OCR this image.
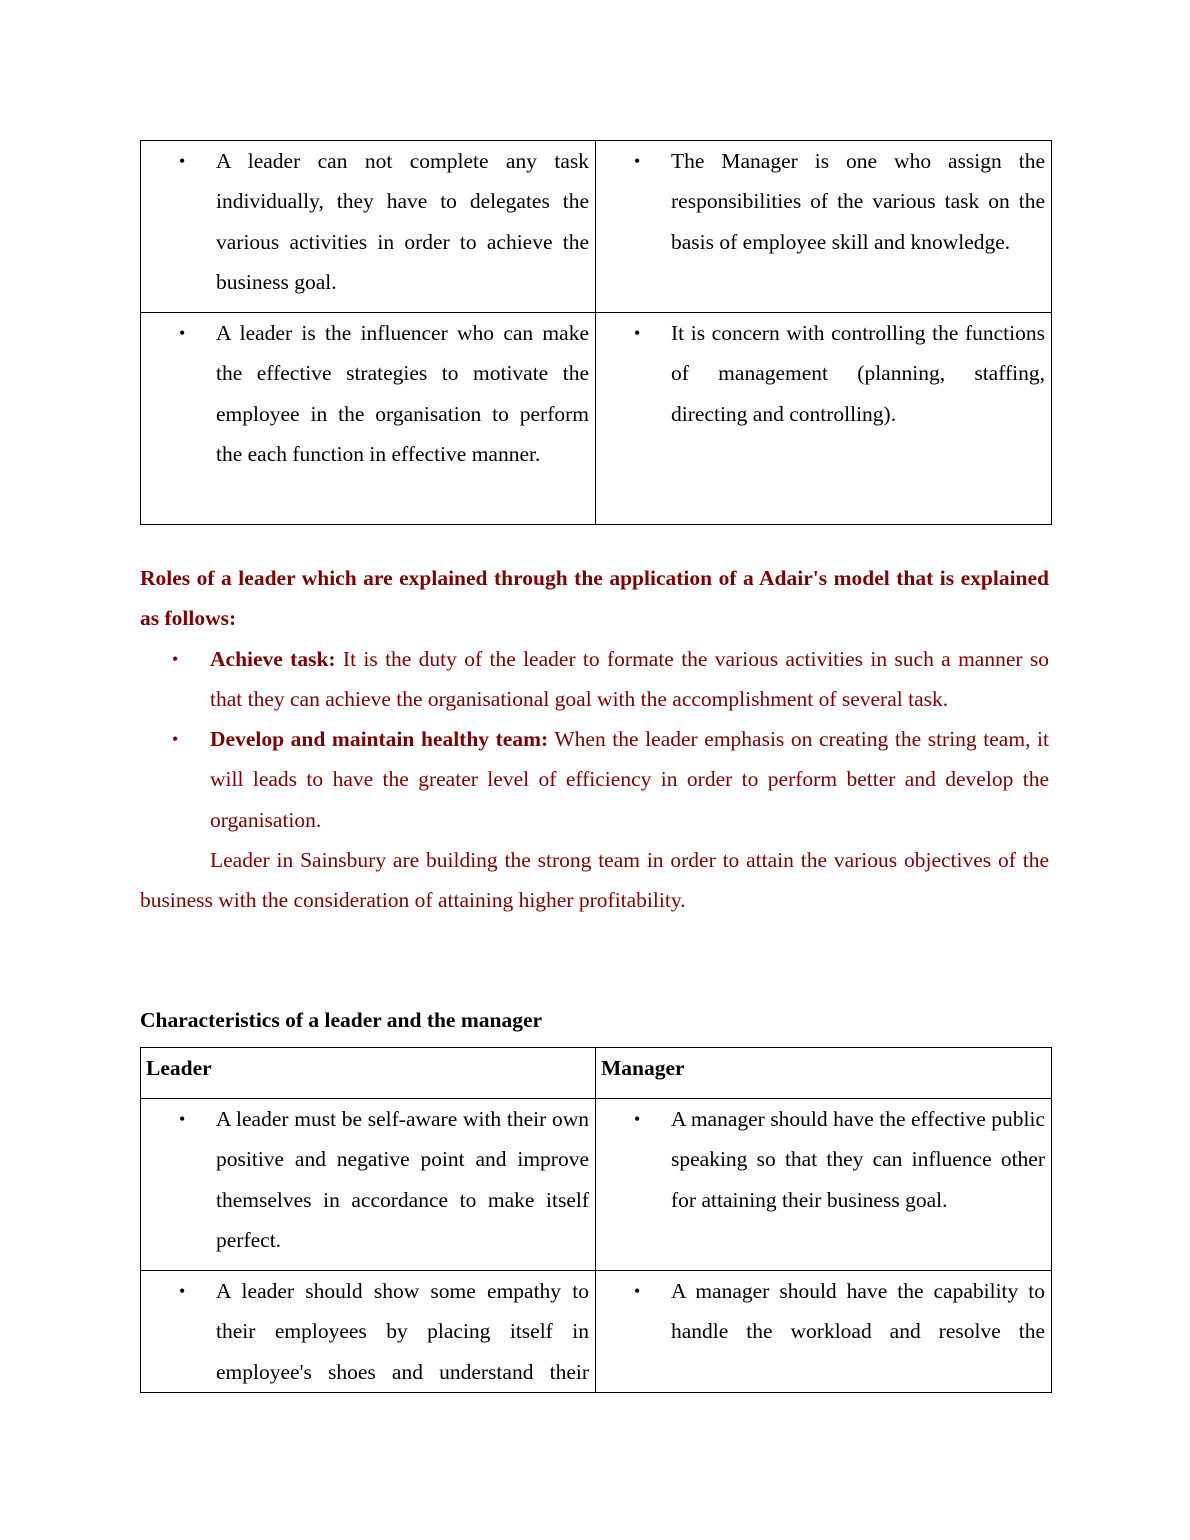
• A leader can not complete any task individually, they have to delegates the various activities in order to achieve the business goal.	• The Manager is one who assign the responsibilities of the various task on the basis of employee skill and knowledge.

• A leader is the influencer who can make the effective strategies to motivate the employee in the organisation to perform the each function in effective manner.	• It is concern with controlling the functions of management (planning, staffing, directing and controlling).

Roles of a leader which are explained through the application of a Adair's model that is explained as follows:

•	Achieve task: It is the duty of the leader to formate the various activities in such a manner so that they can achieve the organisational goal with the accomplishment of several task.
•	Develop and maintain healthy team: When the leader emphasis on creating the string team, it will leads to have the greater level of efficiency in order to perform better and develop the organisation.

Leader in Sainsbury are building the strong team in order to attain the various objectives of the business with the consideration of attaining higher profitability.

Characteristics of a leader and the manager

Leader	Manager

• A leader must be self-aware with their own positive and negative point and improve themselves in accordance to make itself perfect.	• A manager should have the effective public speaking so that they can influence other for attaining their business goal.

• A leader should show some empathy to their employees by placing itself in employee's shoes and understand their	• A manager should have the capability to handle the workload and resolve the
